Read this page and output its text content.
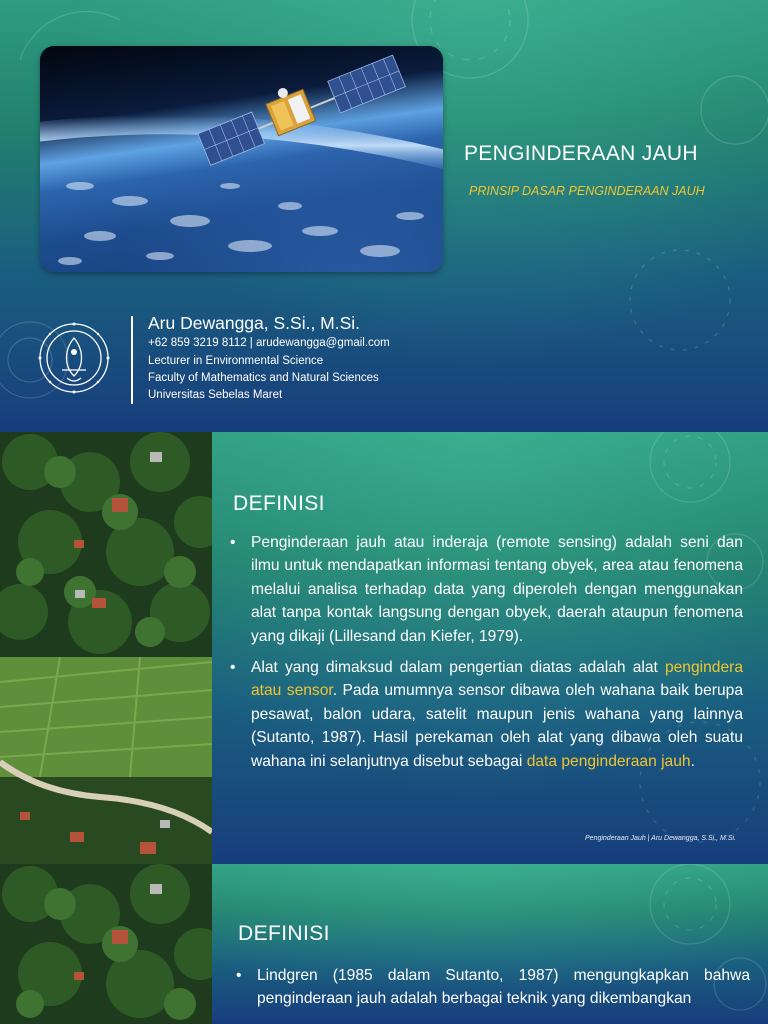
PENGINDERAAN JAUH
PRINSIP DASAR PENGINDERAAN JAUH
Aru Dewangga, S.Si., M.Si.
+62 859 3219 8112 | arudewangga@gmail.com
Lecturer in Environmental Science
Faculty of Mathematics and Natural Sciences
Universitas Sebelas Maret
DEFINISI
• Penginderaan jauh atau inderaja (remote sensing) adalah seni dan ilmu untuk mendapatkan informasi tentang obyek, area atau fenomena melalui analisa terhadap data yang diperoleh dengan menggunakan alat tanpa kontak langsung dengan obyek, daerah ataupun fenomena yang dikaji (Lillesand dan Kiefer, 1979).
• Alat yang dimaksud dalam pengertian diatas adalah alat pengindera atau sensor. Pada umumnya sensor dibawa oleh wahana baik berupa pesawat, balon udara, satelit maupun jenis wahana yang lainnya (Sutanto, 1987). Hasil perekaman oleh alat yang dibawa oleh suatu wahana ini selanjutnya disebut sebagai data penginderaan jauh.
Penginderaan Jauh | Aru Dewangga, S.Si., M.Si.
DEFINISI
• Lindgren (1985 dalam Sutanto, 1987) mengungkapkan bahwa penginderaan jauh adalah berbagai teknik yang dikembangkan
